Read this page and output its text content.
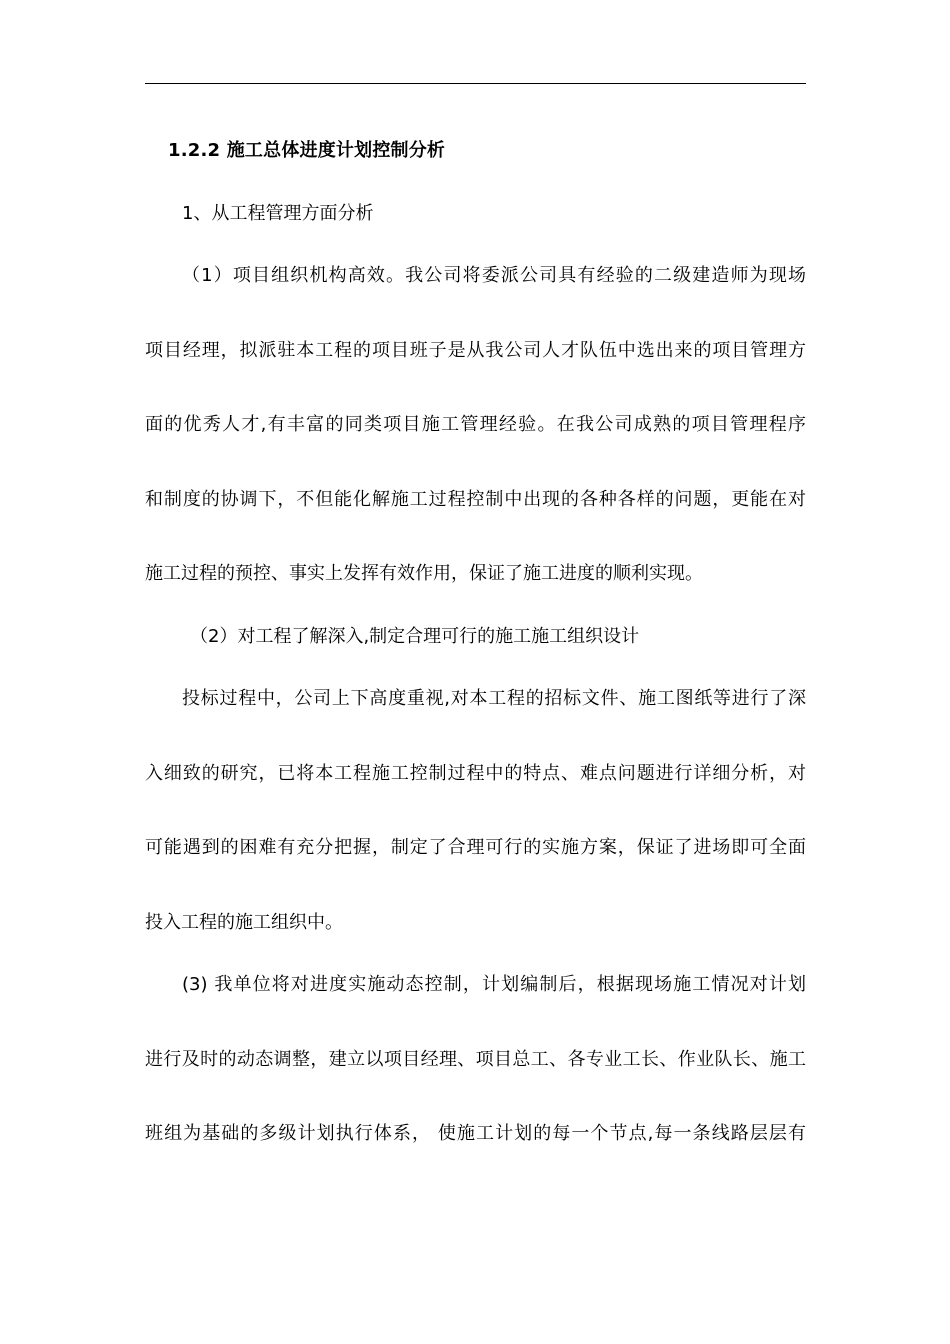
1.2.2 施工总体进度计划控制分析
1、从工程管理方面分析
（1）项目组织机构高效。我公司将委派公司具有经验的二级建造师为现场
项目经理，拟派驻本工程的项目班子是从我公司人才队伍中选出来的项目管理方
面的优秀人才,有丰富的同类项目施工管理经验。在我公司成熟的项目管理程序
和制度的协调下，不但能化解施工过程控制中出现的各种各样的问题，更能在对
施工过程的预控、事实上发挥有效作用，保证了施工进度的顺利实现。
（2）对工程了解深入,制定合理可行的施工施工组织设计
投标过程中，公司上下高度重视,对本工程的招标文件、施工图纸等进行了深
入细致的研究，已将本工程施工控制过程中的特点、难点问题进行详细分析，对
可能遇到的困难有充分把握，制定了合理可行的实施方案，保证了进场即可全面
投入工程的施工组织中。
(3) 我单位将对进度实施动态控制，计划编制后，根据现场施工情况对计划
进行及时的动态调整，建立以项目经理、项目总工、各专业工长、作业队长、施工
班组为基础的多级计划执行体系， 使施工计划的每一个节点,每一条线路层层有
